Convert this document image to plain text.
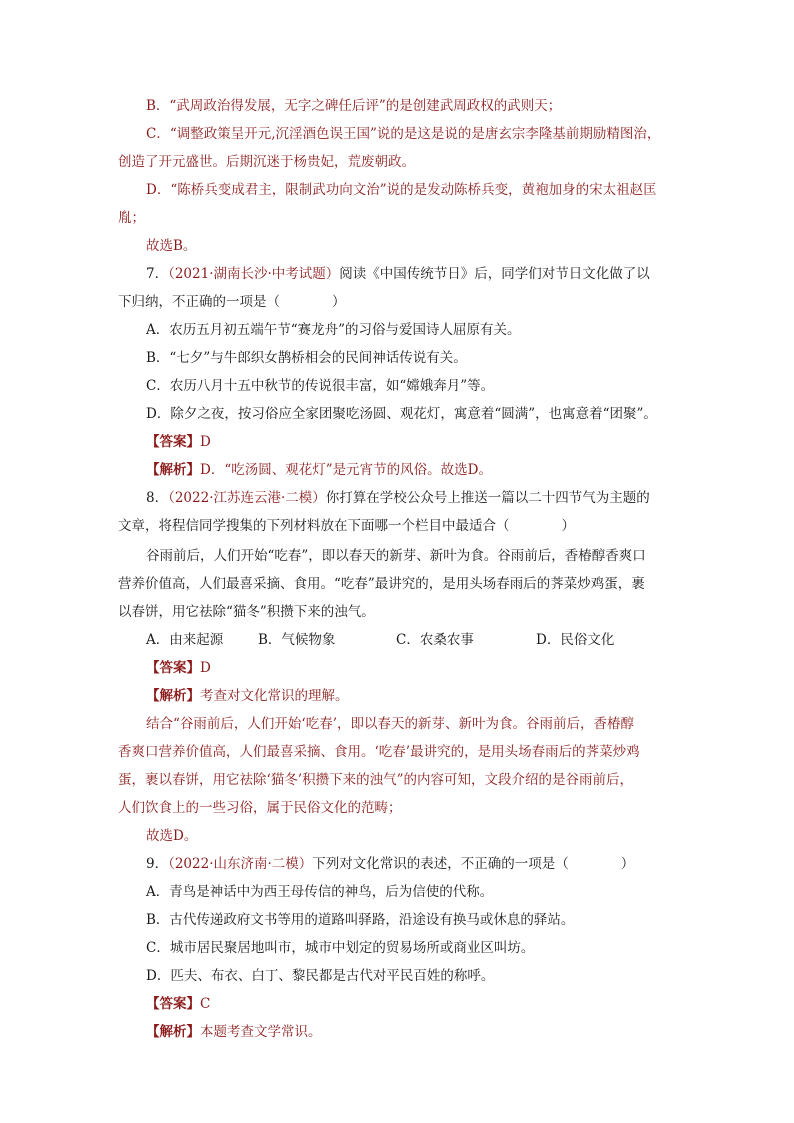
B．“武周政治得发展，无字之碑任后评”的是创建武周政权的武则天；
C．“调整政策呈开元,沉淫酒色误王国”说的是这是说的是唐玄宗李隆基前期励精图治，
创造了开元盛世。后期沉迷于杨贵妃，荒废朝政。
D．“陈桥兵变成君主，限制武功向文治”说的是发动陈桥兵变，黄袍加身的宋太祖赵匡
胤；
故选B。
7．（2021·湖南长沙·中考试题）阅读《中国传统节日》后，同学们对节日文化做了以
下归纳，不正确的一项是（	）
A．农历五月初五端午节“赛龙舟”的习俗与爱国诗人屈原有关。
B．“七夕”与牛郎织女鹊桥相会的民间神话传说有关。
C．农历八月十五中秋节的传说很丰富，如“嫦娥奔月”等。
D．除夕之夜，按习俗应全家团聚吃汤圆、观花灯，寓意着“圆满”，也寓意着“团聚”。
【答案】D
【解析】D．“吃汤圆、观花灯”是元宵节的风俗。故选D。
8．（2022·江苏连云港·二模）你打算在学校公众号上推送一篇以二十四节气为主题的
文章，将程信同学搜集的下列材料放在下面哪一个栏目中最适合（	）
谷雨前后，人们开始“吃春”，即以春天的新芽、新叶为食。谷雨前后，香椿醇香爽口
营养价值高，人们最喜采摘、食用。“吃春”最讲究的，是用头场春雨后的荠菜炒鸡蛋，裹
以春饼，用它祛除“猫冬”积攒下来的浊气。
A．由来起源	B．气候物象	C．农桑农事	D．民俗文化
【答案】D
【解析】考查对文化常识的理解。
结合“谷雨前后，人们开始‘吃春’，即以春天的新芽、新叶为食。谷雨前后，香椿醇
香爽口营养价值高，人们最喜采摘、食用。‘吃春’最讲究的，是用头场春雨后的荠菜炒鸡
蛋，裹以春饼，用它祛除‘猫冬’积攒下来的浊气”的内容可知，文段介绍的是谷雨前后，
人们饮食上的一些习俗，属于民俗文化的范畴；
故选D。
9．（2022·山东济南·二模）下列对文化常识的表述，不正确的一项是（	）
A．青鸟是神话中为西王母传信的神鸟，后为信使的代称。
B．古代传递政府文书等用的道路叫驿路，沿途设有换马或休息的驿站。
C．城市居民聚居地叫市，城市中划定的贸易场所或商业区叫坊。
D．匹夫、布衣、白丁、黎民都是古代对平民百姓的称呼。
【答案】C
【解析】本题考查文学常识。
